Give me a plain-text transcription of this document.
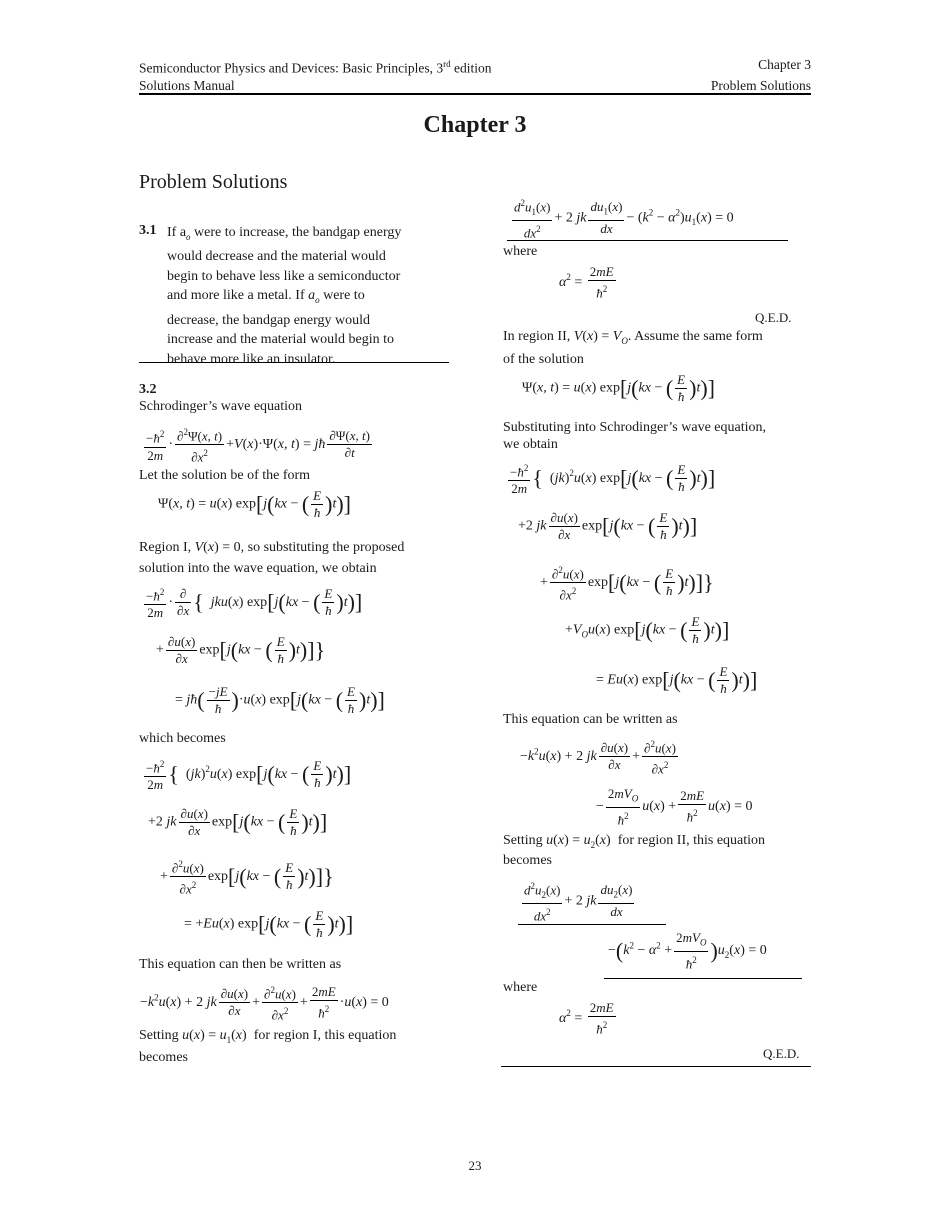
Semiconductor Physics and Devices: Basic Principles, 3rd edition	Chapter 3
Solutions Manual	Problem Solutions
Chapter 3
Problem Solutions
3.1 If $a_o$ were to increase, the bandgap energy
would decrease and the material would
begin to behave less like a semiconductor
and more like a metal. If $a_o$ were to
decrease, the bandgap energy would
increase and the material would begin to
behave more like an insulator.
3.2
Schrodinger’s wave equation
$\frac{-ħ^2}{2m} \cdot \frac{\partial^2\Psi(x, t)}{\partial x^2} +V(x)\cdot\Psi(x$, t) = jħ $\frac{\partial\Psi(x, t)}{\partial t}$
Let the solution be of the form
Ψ(x, t) = u(x) exp[j(kx − ( $\frac{E}{ħ} )t$)]
Region I, V(x) = 0, so substituting the proposed
solution into the wave equation, we obtain
$\frac{-ħ^2}{2m} \cdot \frac{\partial}{\partial x}$ { jku(x) exp[j(kx − ( $\frac{E}{ħ} )t$)]
+ $\frac{\partial u(x)}{\partial x} \exp[j(kx$ − ( $\frac{E}{ħ} )t$)]}
= jħ( $\frac{-jE}{ħ} )\cdot u(x)$ exp[j(kx − ( $\frac{E}{ħ} )t$)]
which becomes
$\frac{-ħ^2}{2m}$ {  (jk)$^2$u(x) exp[j(kx − ( $\frac{E}{ħ} )t$)]
+2 jk $\frac{\partial u(x)}{\partial x} \exp[j(kx$ − ( $\frac{E}{ħ} )t$)]
+ $\frac{\partial^2u(x)}{\partial x^2} \exp[j(kx$ − ( $\frac{E}{ħ} )t$)]}
= +Eu(x) exp[j(kx − ( $\frac{E}{ħ} )t$)]
This equation can then be written as
$-k^2u(x) + 2$ jk $\frac{\partial u(x)}{\partial x} + \frac{\partial^2u(x)}{\partial x^2} + \frac{2mE}{ħ^2} \cdot u(x) = 0$
Setting $u(x) = u_1(x)$  for region I, this equation
becomes
$\frac{d^2u_1(x)}{dx^2} + 2$ jk $\frac{du_1(x)}{dx} - (k^2 - \alpha^2)u_1(x) = 0$
where
$\alpha^2 = \frac{2mE}{ħ^2}$
Q.E.D.
In region II, $V(x) = V_O$. Assume the same form
of the solution
Ψ(x, t) = u(x) exp[j(kx − ( $\frac{E}{ħ} )t$)]
Substituting into Schrodinger’s wave equation,
we obtain
$\frac{-ħ^2}{2m}$ {  (jk)$^2$u(x) exp[j(kx − ( $\frac{E}{ħ} )t$)]
+2 jk $\frac{\partial u(x)}{\partial x} \exp[j(kx$ − ( $\frac{E}{ħ} )t$)]
+ $\frac{\partial^2u(x)}{\partial x^2} \exp[j(kx$ − ( $\frac{E}{ħ} )t$)]}
$+V_Ou(x) \exp[j(kx$ − ( $\frac{E}{ħ} )t$)]
= Eu(x) exp[j(kx − ( $\frac{E}{ħ} )t$)]
This equation can be written as
$-k^2u(x) + 2$ jk $\frac{\partial u(x)}{\partial x} + \frac{\partial^2u(x)}{\partial x^2}$
− $\frac{2mV_O}{ħ^2} u(x) + \frac{2mE}{ħ^2} u(x) = 0$
Setting $u(x) = u_2(x)$  for region II, this equation
becomes
$\frac{d^2u_2(x)}{dx^2} + 2$ jk $\frac{du_2(x)}{dx}$
$-(k^2 - \alpha^2 + \frac{2mV_O}{ħ^2} )u_2(x) = 0$
where
$\alpha^2 = \frac{2mE}{ħ^2}$
Q.E.D.
23
